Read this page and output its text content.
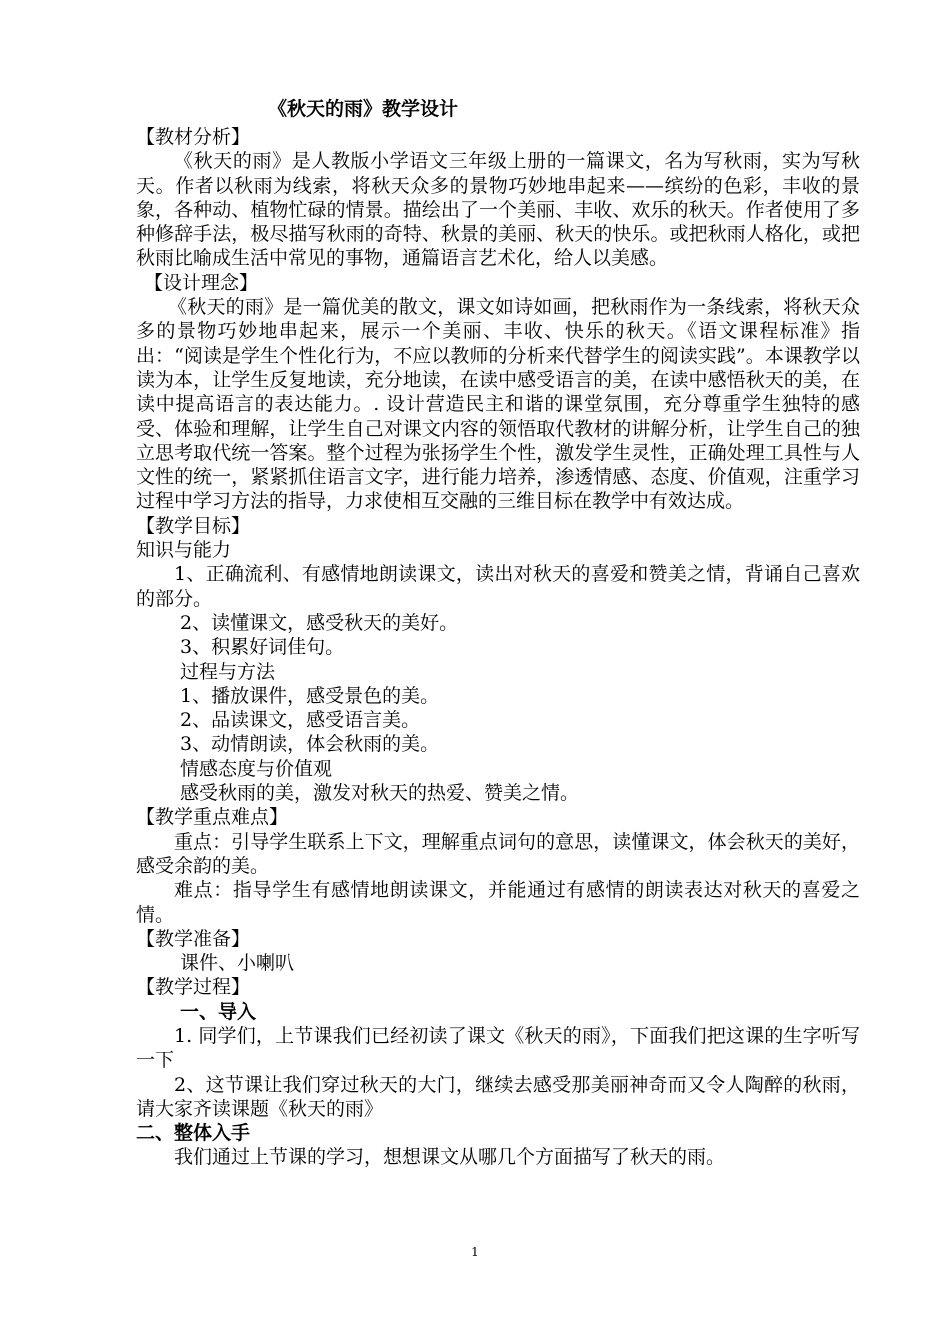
《秋天的雨》教学设计
【教材分析】

《秋天的雨》是人教版小学语文三年级上册的一篇课文，名为写秋雨，实为写秋天。作者以秋雨为线索，将秋天众多的景物巧妙地串起来——缤纷的色彩，丰收的景象，各种动、植物忙碌的情景。描绘出了一个美丽、丰收、欢乐的秋天。作者使用了多种修辞手法，极尽描写秋雨的奇特、秋景的美丽、秋天的快乐。或把秋雨人格化，或把秋雨比喻成生活中常见的事物，通篇语言艺术化，给人以美感。

【设计理念】

《秋天的雨》是一篇优美的散文，课文如诗如画，把秋雨作为一条线索，将秋天众多的景物巧妙地串起来，展示一个美丽、丰收、快乐的秋天。《语文课程标准》指出：“阅读是学生个性化行为，不应以教师的分析来代替学生的阅读实践”。本课教学以读为本，让学生反复地读，充分地读，在读中感受语言的美，在读中感悟秋天的美，在读中提高语言的表达能力。. 设计营造民主和谐的课堂氛围，充分尊重学生独特的感受、体验和理解，让学生自己对课文内容的领悟取代教材的讲解分析，让学生自己的独立思考取代统一答案。整个过程为张扬学生个性，激发学生灵性，正确处理工具性与人文性的统一，紧紧抓住语言文字，进行能力培养，渗透情感、态度、价值观，注重学习过程中学习方法的指导，力求使相互交融的三维目标在教学中有效达成。

【教学目标】
知识与能力

1、正确流利、有感情地朗读课文，读出对秋天的喜爱和赞美之情，背诵自己喜欢的部分。

2、读懂课文，感受秋天的美好。
3、积累好词佳句。
过程与方法
1、播放课件，感受景色的美。
2、品读课文，感受语言美。
3、动情朗读，体会秋雨的美。
情感态度与价值观
感受秋雨的美，激发对秋天的热爱、赞美之情。
【教学重点难点】

重点：引导学生联系上下文，理解重点词句的意思，读懂课文，体会秋天的美好，感受余韵的美。

难点：指导学生有感情地朗读课文，并能通过有感情的朗读表达对秋天的喜爱之情。

【教学准备】
课件、小喇叭
【教学过程】
一、导入

1. 同学们，上节课我们已经初读了课文《秋天的雨》，下面我们把这课的生字听写一下

2、这节课让我们穿过秋天的大门，继续去感受那美丽神奇而又令人陶醉的秋雨，请大家齐读课题《秋天的雨》

二、整体入手

我们通过上节课的学习，想想课文从哪几个方面描写了秋天的雨。

1
